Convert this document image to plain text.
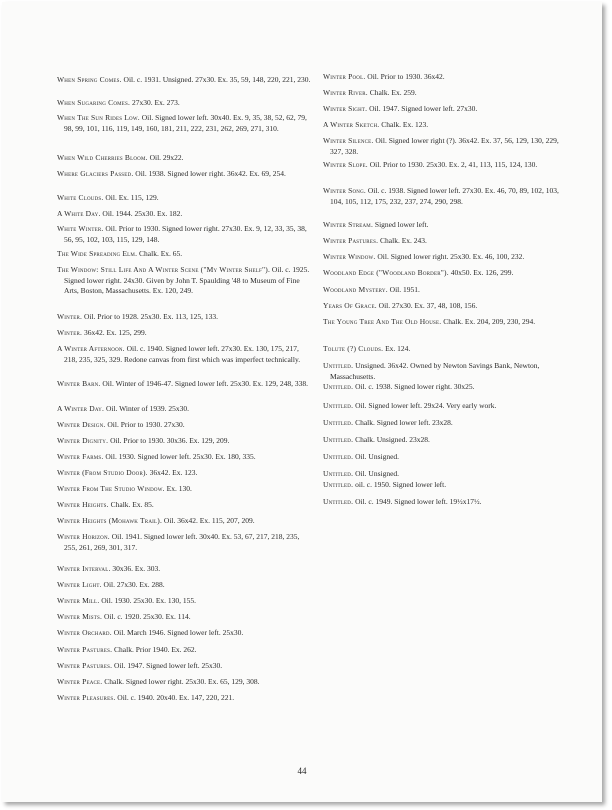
When Spring Comes. Oil. c. 1931. Unsigned. 27x30. Ex. 35, 59, 148, 220, 221, 230.
When Sugaring Comes. 27x30. Ex. 273.
When The Sun Rides Low. Oil. Signed lower left. 30x40. Ex. 9, 35, 38, 52, 62, 79, 98, 99, 101, 116, 119, 149, 160, 181, 211, 222, 231, 262, 269, 271, 310.
When Wild Cherries Bloom. Oil. 29x22.
Where Glaciers Passed. Oil. 1938. Signed lower right. 36x42. Ex. 69, 254.
White Clouds. Oil. Ex. 115, 129.
A White Day. Oil. 1944. 25x30. Ex. 182.
White Winter. Oil. Prior to 1930. Signed lower right. 27x30. Ex. 9, 12, 33, 35, 38, 56, 95, 102, 103, 115, 129, 148.
The Wide Spreading Elm. Chalk. Ex. 65.
The Window: Still Life And A Winter Scene ("My Winter Shelf"). Oil. c. 1925. Signed lower right. 24x30. Given by John T. Spaulding '48 to Museum of Fine Arts, Boston, Massachusetts. Ex. 120, 249.
Winter. Oil. Prior to 1928. 25x30. Ex. 113, 125, 133.
Winter. 36x42. Ex. 125, 299.
A Winter Afternoon. Oil. c. 1940. Signed lower left. 27x30. Ex. 130, 175, 217, 218, 235, 325, 329. Redone canvas from first which was imperfect technically.
Winter Barn. Oil. Winter of 1946-47. Signed lower left. 25x30. Ex. 129, 248, 338.
A Winter Day. Oil. Winter of 1939. 25x30.
Winter Design. Oil. Prior to 1930. 27x30.
Winter Dignity. Oil. Prior to 1930. 30x36. Ex. 129, 209.
Winter Farms. Oil. 1930. Signed lower left. 25x30. Ex. 180, 335.
Winter (From Studio Door). 36x42. Ex. 123.
Winter From The Studio Window. Ex. 130.
Winter Heights. Chalk. Ex. 85.
Winter Heights (Mohawk Trail). Oil. 36x42. Ex. 115, 207, 209.
Winter Horizon. Oil. 1941. Signed lower left. 30x40. Ex. 53, 67, 217, 218, 235, 255, 261, 269, 301, 317.
Winter Interval. 30x36. Ex. 303.
Winter Light. Oil. 27x30. Ex. 288.
Winter Mill. Oil. 1930. 25x30. Ex. 130, 155.
Winter Mists. Oil. c. 1920. 25x30. Ex. 114.
Winter Orchard. Oil. March 1946. Signed lower left. 25x30.
Winter Pastures. Chalk. Prior 1940. Ex. 262.
Winter Pastures. Oil. 1947. Signed lower left. 25x30.
Winter Peace. Chalk. Signed lower right. 25x30. Ex. 65, 129, 308.
Winter Pleasures. Oil. c. 1940. 20x40. Ex. 147, 220, 221.
Winter Pool. Oil. Prior to 1930. 36x42.
Winter River. Chalk. Ex. 259.
Winter Sight. Oil. 1947. Signed lower left. 27x30.
A Winter Sketch. Chalk. Ex. 123.
Winter Silence. Oil. Signed lower right (?). 36x42. Ex. 37, 56, 129, 130, 229, 327, 328.
Winter Slope. Oil. Prior to 1930. 25x30. Ex. 2, 41, 113, 115, 124, 130.
Winter Song. Oil. c. 1938. Signed lower left. 27x30. Ex. 46, 70, 89, 102, 103, 104, 105, 112, 175, 232, 237, 274, 290, 298.
Winter Stream. Signed lower left.
Winter Pastures. Chalk. Ex. 243.
Winter Window. Oil. Signed lower right. 25x30. Ex. 46, 100, 232.
Woodland Edge ("Woodland Border"). 40x50. Ex. 126, 299.
Woodland Mystery. Oil. 1951.
Years Of Grace. Oil. 27x30. Ex. 37, 48, 108, 156.
The Young Tree And The Old House. Chalk. Ex. 204, 209, 230, 294.
Tolute (?) Clouds. Ex. 124.
Untitled. Unsigned. 36x42. Owned by Newton Savings Bank, Newton, Massachusetts.
Untitled. Oil. c. 1938. Signed lower right. 30x25.
Untitled. Oil. Signed lower left. 29x24. Very early work.
Untitled. Chalk. Signed lower left. 23x28.
Untitled. Chalk. Unsigned. 23x28.
Untitled. Oil. Unsigned.
Untitled. Oil. Unsigned.
Untitled. oil. c. 1950. Signed lower left.
Untitled. Oil. c. 1949. Signed lower left. 19½x17½.
44
